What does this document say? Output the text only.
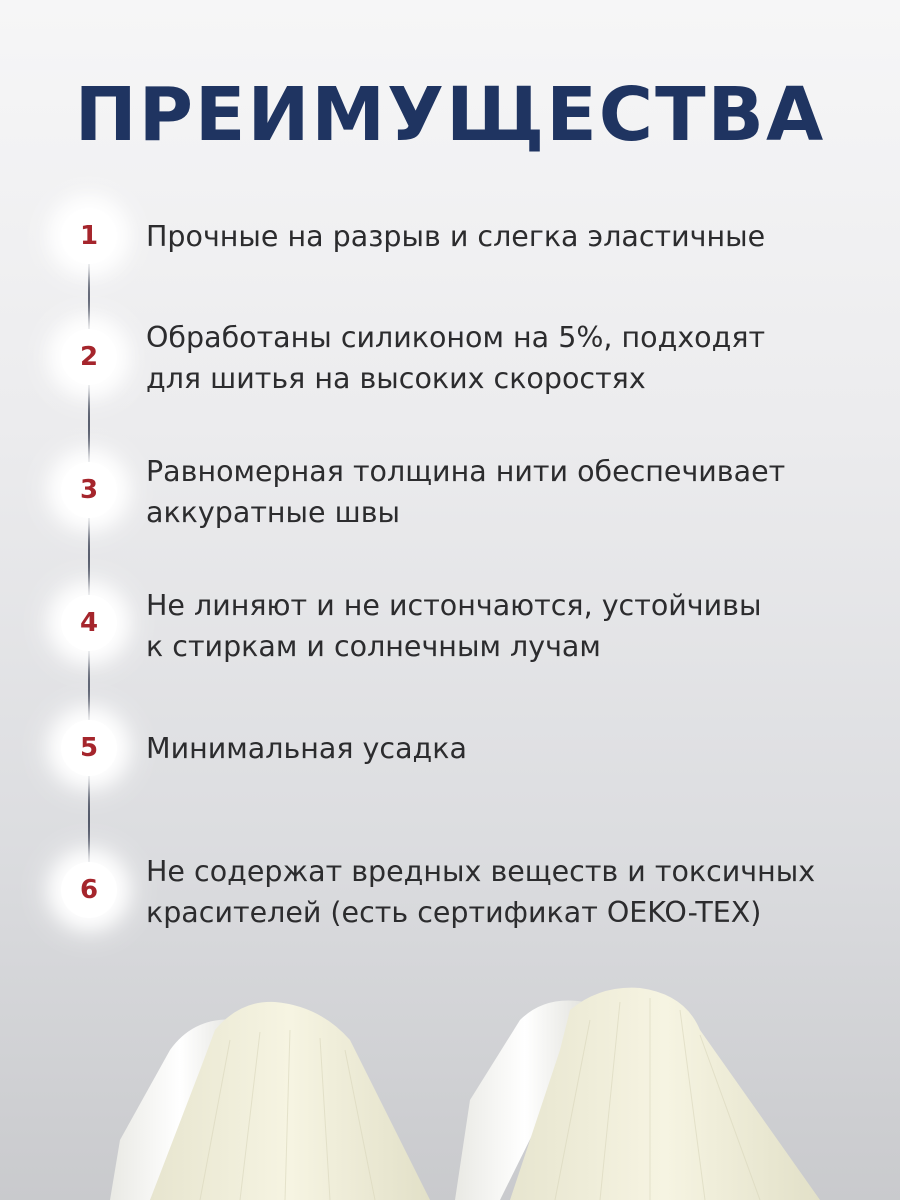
ПРЕИМУЩЕСТВА
1	Прочные на разрыв и слегка эластичные

2

Обработаны силиконом на 5%, подходят
для шитья на высоких скоростях

3

Равномерная толщина нити обеспечивает
аккуратные швы

4

Не линяют и не истончаются, устойчивы
к стиркам и солнечным лучам

5	Минимальная усадка

6

Не содержат вредных веществ и токсичных
красителей (есть сертификат OEKO-TEX)
